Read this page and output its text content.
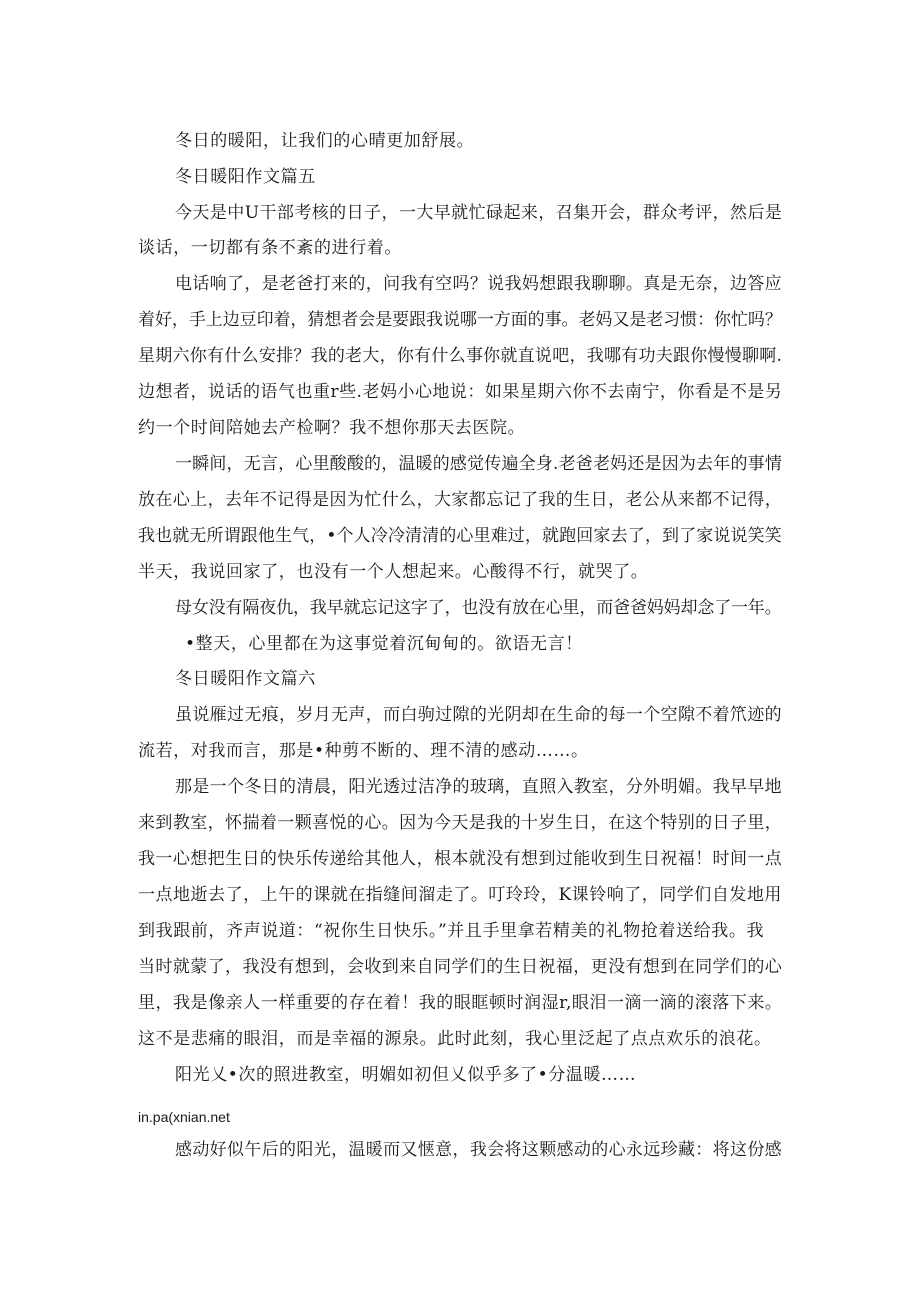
冬日的暖阳，让我们的心晴更加舒展。
冬日暖阳作文篇五
今天是中U干部考核的日子，一大早就忙碌起来，召集开会，群众考评，然后是
谈话，一切都有条不紊的进行着。
电话响了，是老爸打来的，问我有空吗？说我妈想跟我聊聊。真是无奈，边答应
着好，手上边豆印着，猜想者会是要跟我说哪一方面的事。老妈又是老习惯：你忙吗？
星期六你有什么安排？我的老大，你有什么事你就直说吧，我哪有功夫跟你慢慢聊啊.
边想者，说话的语气也重r些.老妈小心地说：如果星期六你不去南宁，你看是不是另
约一个时间陪她去产检啊？我不想你那天去医院。
一瞬间，无言，心里酸酸的，温暖的感觉传遍全身.老爸老妈还是因为去年的事情
放在心上，去年不记得是因为忙什么，大家都忘记了我的生日，老公从来都不记得，
我也就无所谓跟他生气，•个人冷冷清清的心里难过，就跑回家去了，到了家说说笑笑
半天，我说回家了，也没有一个人想起来。心酸得不行，就哭了。
母女没有隔夜仇，我早就忘记这字了，也没有放在心里，而爸爸妈妈却念了一年。
•整天，心里都在为这事觉着沉甸甸的。欲语无言！
冬日暖阳作文篇六
虽说雁过无痕，岁月无声，而白驹过隙的光阴却在生命的每一个空隙不着笊迹的
流若，对我而言，那是•种剪不断的、理不清的感动……。
那是一个冬日的清晨，阳光透过洁净的玻璃，直照入教室，分外明媚。我早早地
来到教室，怀揣着一颗喜悦的心。因为今天是我的十岁生日，在这个特别的日子里，
我一心想把生日的快乐传递给其他人，根本就没有想到过能收到生日祝福！时间一点
一点地逝去了，上午的课就在指缝间溜走了。叮玲玲，K课铃响了，同学们自发地用
到我跟前，齐声说道：“祝你生日快乐。”并且手里拿若精美的礼物抢着送给我。我
当时就蒙了，我没有想到，会收到来自同学们的生日祝福，更没有想到在同学们的心
里，我是像亲人一样重要的存在着！我的眼眶顿时润湿r,眼泪一滴一滴的滚落下来。
这不是悲痛的眼泪，而是幸福的源泉。此时此刻，我心里泛起了点点欢乐的浪花。
阳光乂•次的照进教室，明媚如初但乂似乎多了•分温暖……
in.pa(xnian.net
感动好似午后的阳光，温暖而又惬意，我会将这颗感动的心永远珍藏：将这份感
